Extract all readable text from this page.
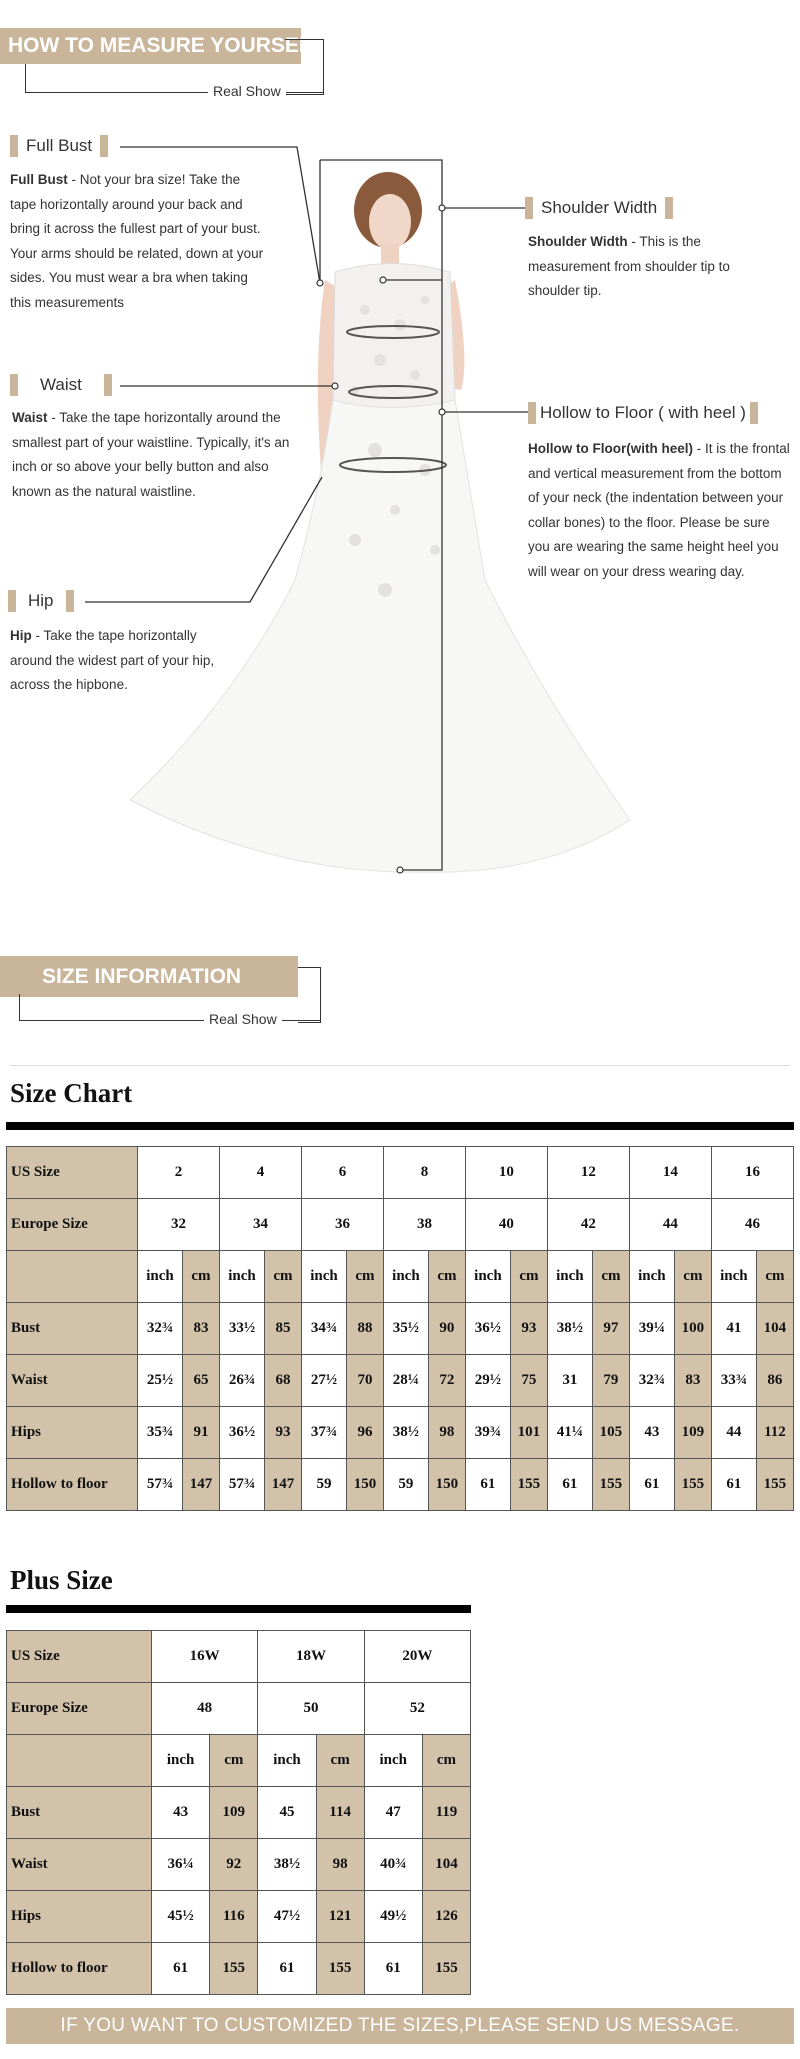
HOW TO MEASURE YOURSELF
Real Show
Full Bust
Full Bust - Not your bra size! Take the tape horizontally around your back and bring it across the fullest part of your bust. Your arms should be related, down at your sides. You must wear a bra when taking this measurements
Waist
Waist - Take the tape horizontally around the smallest part of your waistline. Typically, it's an inch or so above your belly button and also known as the natural waistline.
Hip
Hip - Take the tape horizontally around the widest part of your hip, across the hipbone.
Shoulder Width
Shoulder Width - This is the measurement from shoulder tip to shoulder tip.
Hollow to Floor ( with heel )
Hollow to Floor(with heel) - It is the frontal and vertical measurement from the bottom of your neck (the indentation between your collar bones) to the floor. Please be sure you are wearing the same height heel you will wear on your dress wearing day.
SIZE INFORMATION
Real Show
Size Chart
US Size	2		4		6		8		10		12		14		16	
Europe Size	32		34		36		38		40		42		44		46	
	inch	cm	inch	cm	inch	cm	inch	cm	inch	cm	inch	cm	inch	cm	inch	cm
Bust	32¾	83	33½	85	34¾	88	35½	90	36½	93	38½	97	39¼	100	41	104
Waist	25½	65	26¾	68	27½	70	28¼	72	29½	75	31	79	32¾	83	33¾	86
Hips	35¾	91	36½	93	37¾	96	38½	98	39¾	101	41¼	105	43	109	44	112
Hollow to floor	57¾	147	57¾	147	59	150	59	150	61	155	61	155	61	155	61	155
Plus Size
US Size	16W		18W		20W	
Europe Size	48		50		52	
	inch	cm	inch	cm	inch	cm
Bust	43	109	45	114	47	119
Waist	36¼	92	38½	98	40¾	104
Hips	45½	116	47½	121	49½	126
Hollow to floor	61	155	61	155	61	155
IF YOU WANT TO CUSTOMIZED THE SIZES,PLEASE SEND US MESSAGE.
